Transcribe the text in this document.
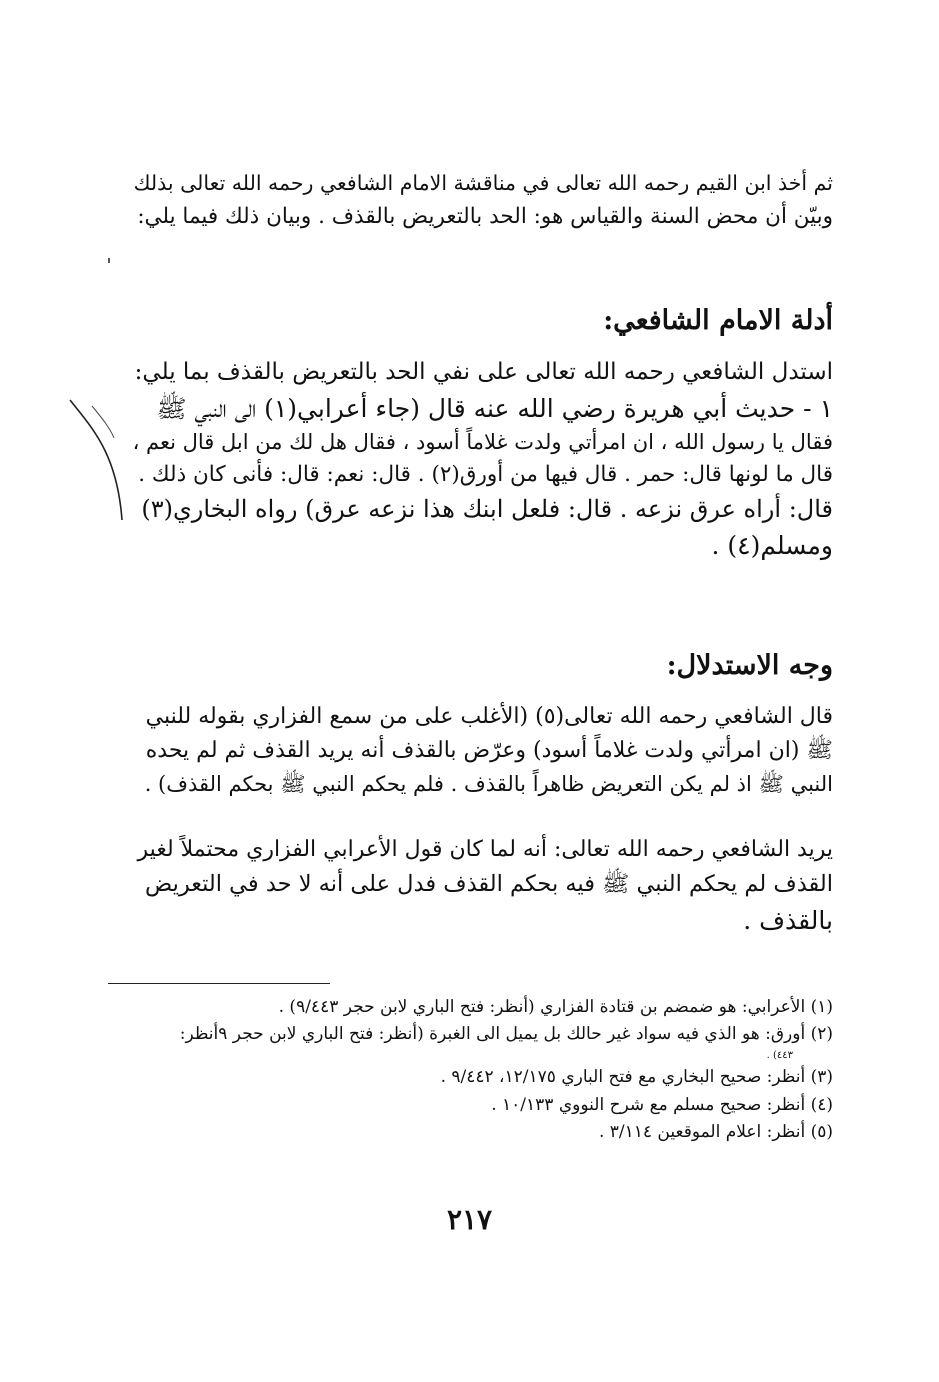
ثم أخذ ابن القيم رحمه الله تعالى في مناقشة الامام الشافعي رحمه الله تعالى بذلك
وبيّن أن محض السنة والقياس هو: الحد بالتعريض بالقذف . وبيان ذلك فيما يلي:
أدلة الامام الشافعي:
استدل الشافعي رحمه الله تعالى على نفي الحد بالتعريض بالقذف بما يلي:
١ - حديث أبي هريرة رضي الله عنه قال (جاء أعرابي(١) الى النبي ﷺ
فقال يا رسول الله ، ان امرأتي ولدت غلاماً أسود ، فقال هل لك من ابل قال نعم ،
قال ما لونها قال: حمر . قال فيها من أورق(٢) . قال: نعم: قال: فأنى كان ذلك .
قال: أراه عرق نزعه . قال: فلعل ابنك هذا نزعه عرق) رواه البخاري(٣)
ومسلم(٤) .
وجه الاستدلال:
قال الشافعي رحمه الله تعالى(٥) (الأغلب على من سمع الفزاري بقوله للنبي
ﷺ (ان امرأتي ولدت غلاماً أسود) وعرّض بالقذف أنه يريد القذف ثم لم يحده
النبي ﷺ اذ لم يكن التعريض ظاهراً بالقذف . فلم يحكم النبي ﷺ بحكم القذف) .
يريد الشافعي رحمه الله تعالى: أنه لما كان قول الأعرابي الفزاري محتملاً لغير
القذف لم يحكم النبي ﷺ فيه بحكم القذف فدل على أنه لا حد في التعريض
بالقذف .
(١) الأعرابي: هو ضمضم بن قتادة الفزاري (أنظر: فتح الباري لابن حجر ٩/٤٤٣) .
(٢) أورق: هو الذي فيه سواد غير حالك بل يميل الى الغبرة (أنظر: فتح الباري لابن حجر ٩أنظر:
٤٤٣) .
(٣) أنظر: صحيح البخاري مع فتح الباري ١٢/١٧٥، ٩/٤٤٢ .
(٤) أنظر: صحيح مسلم مع شرح النووي ١٠/١٣٣ .
(٥) أنظر: اعلام الموقعين ٣/١١٤ .
٢١٧
